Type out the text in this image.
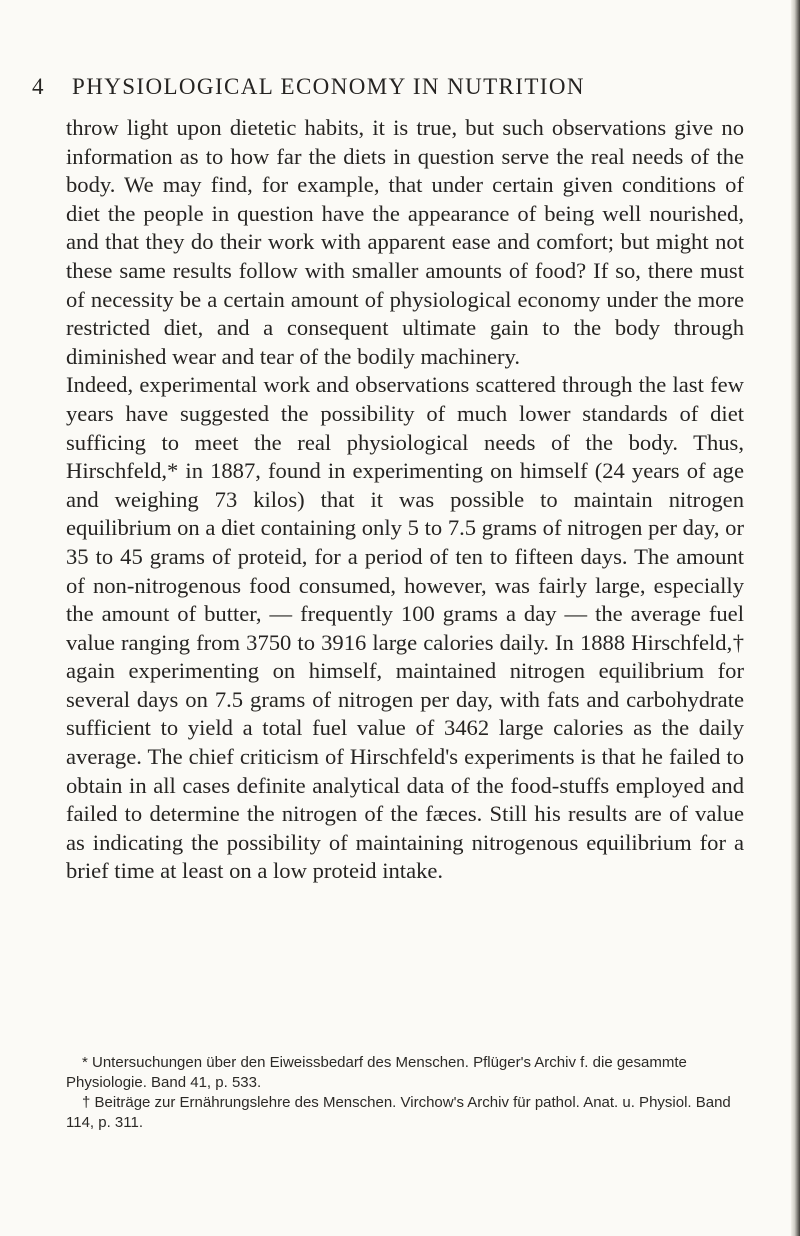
4 PHYSIOLOGICAL ECONOMY IN NUTRITION

throw light upon dietetic habits, it is true, but such observations give no information as to how far the diets in question serve the real needs of the body. We may find, for example, that under certain given conditions of diet the people in question have the appearance of being well nourished, and that they do their work with apparent ease and comfort; but might not these same results follow with smaller amounts of food? If so, there must of necessity be a certain amount of physiological economy under the more restricted diet, and a consequent ultimate gain to the body through diminished wear and tear of the bodily machinery.

Indeed, experimental work and observations scattered through the last few years have suggested the possibility of much lower standards of diet sufficing to meet the real physiological needs of the body. Thus, Hirschfeld,* in 1887, found in experimenting on himself (24 years of age and weighing 73 kilos) that it was possible to maintain nitrogen equilibrium on a diet containing only 5 to 7.5 grams of nitrogen per day, or 35 to 45 grams of proteid, for a period of ten to fifteen days. The amount of non-nitrogenous food consumed, however, was fairly large, especially the amount of butter, — frequently 100 grams a day — the average fuel value ranging from 3750 to 3916 large calories daily. In 1888 Hirschfeld,† again experimenting on himself, maintained nitrogen equilibrium for several days on 7.5 grams of nitrogen per day, with fats and carbohydrate sufficient to yield a total fuel value of 3462 large calories as the daily average. The chief criticism of Hirschfeld's experiments is that he failed to obtain in all cases definite analytical data of the food-stuffs employed and failed to determine the nitrogen of the fæces. Still his results are of value as indicating the possibility of maintaining nitrogenous equilibrium for a brief time at least on a low proteid intake.

* Untersuchungen über den Eiweissbedarf des Menschen. Pflüger's Archiv f. die gesammte Physiologie. Band 41, p. 533.

† Beiträge zur Ernährungslehre des Menschen. Virchow's Archiv für pathol. Anat. u. Physiol. Band 114, p. 311.
